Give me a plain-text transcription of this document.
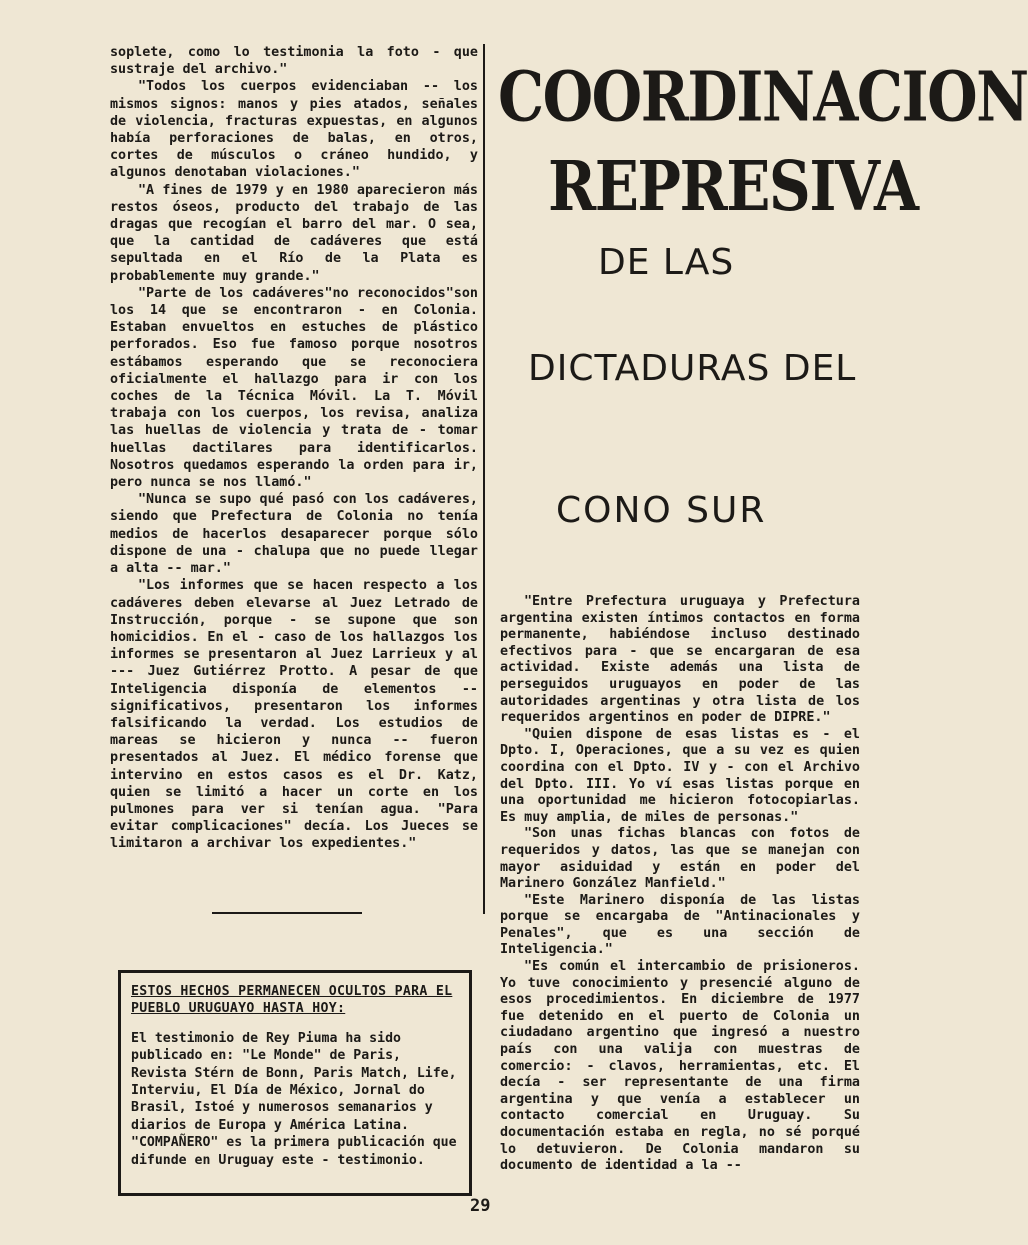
soplete, como lo testimonia la foto - que sustraje del archivo."

"Todos los cuerpos evidenciaban -- los mismos signos: manos y pies atados, señales de violencia, fracturas expuestas, en algunos había perforaciones de balas, en otros, cortes de músculos o cráneo hundido, y algunos denotaban violaciones."

"A fines de 1979 y en 1980 aparecieron más restos óseos, producto del trabajo de las dragas que recogían el barro del mar. O sea, que la cantidad de cadáveres que está sepultada en el Río de la Plata es probablemente muy grande."

"Parte de los cadáveres"no reconocidos"son los 14 que se encontraron - en Colonia. Estaban envueltos en estuches de plástico perforados. Eso fue famoso porque nosotros estábamos esperando que se reconociera oficialmente el hallazgo para ir con los coches de la Técnica Móvil. La T. Móvil trabaja con los cuerpos, los revisa, analiza las huellas de violencia y trata de - tomar huellas dactilares para identificarlos. Nosotros quedamos esperando la orden para ir, pero nunca se nos llamó."

"Nunca se supo qué pasó con los cadáveres, siendo que Prefectura de Colonia no tenía medios de hacerlos desaparecer porque sólo dispone de una - chalupa que no puede llegar a alta -- mar."

"Los informes que se hacen respecto a los cadáveres deben elevarse al Juez Letrado de Instrucción, porque - se supone que son homicidios. En el - caso de los hallazgos los informes se presentaron al Juez Larrieux y al --- Juez Gutiérrez Protto. A pesar de que Inteligencia disponía de elementos -- significativos, presentaron los informes falsificando la verdad. Los estudios de mareas se hicieron y nunca -- fueron presentados al Juez. El médico forense que intervino en estos casos es el Dr. Katz, quien se limitó a hacer un corte en los pulmones para ver si tenían agua. "Para evitar complicaciones" decía. Los Jueces se limitaron a archivar los expedientes."

ESTOS HECHOS PERMANECEN OCULTOS PARA EL PUEBLO URUGUAYO HASTA HOY:

El testimonio de Rey Piuma ha sido publicado en: "Le Monde" de Paris, Revista Stérn de Bonn, Paris Match, Life, Interviu, El Día de México, Jornal do Brasil, Istoé y numerosos semanarios y diarios de Europa y América Latina.

"COMPAÑERO" es la primera publicación que difunde en Uruguay este - testimonio.

COORDINACION
REPRESIVA
DE LAS
DICTADURAS DEL
CONO SUR

"Entre Prefectura uruguaya y Prefectura argentina existen íntimos contactos en forma permanente, habiéndose incluso destinado efectivos para - que se encargaran de esa actividad. Existe además una lista de perseguidos uruguayos en poder de las autoridades argentinas y otra lista de los requeridos argentinos en poder de DIPRE."

"Quien dispone de esas listas es - el Dpto. I, Operaciones, que a su vez es quien coordina con el Dpto. IV y - con el Archivo del Dpto. III. Yo ví esas listas porque en una oportunidad me hicieron fotocopiarlas. Es muy amplia, de miles de personas."

"Son unas fichas blancas con fotos de requeridos y datos, las que se manejan con mayor asiduidad y están en poder del Marinero González Manfield."

"Este Marinero disponía de las listas porque se encargaba de "Antinacionales y Penales", que es una sección de Inteligencia."

"Es común el intercambio de prisioneros. Yo tuve conocimiento y presencié alguno de esos procedimientos. En diciembre de 1977 fue detenido en el puerto de Colonia un ciudadano argentino que ingresó a nuestro país con una valija con muestras de comercio: - clavos, herramientas, etc. El decía - ser representante de una firma argentina y que venía a establecer un contacto comercial en Uruguay. Su documentación estaba en regla, no sé porqué lo detuvieron. De Colonia mandaron su documento de identidad a la --

29
